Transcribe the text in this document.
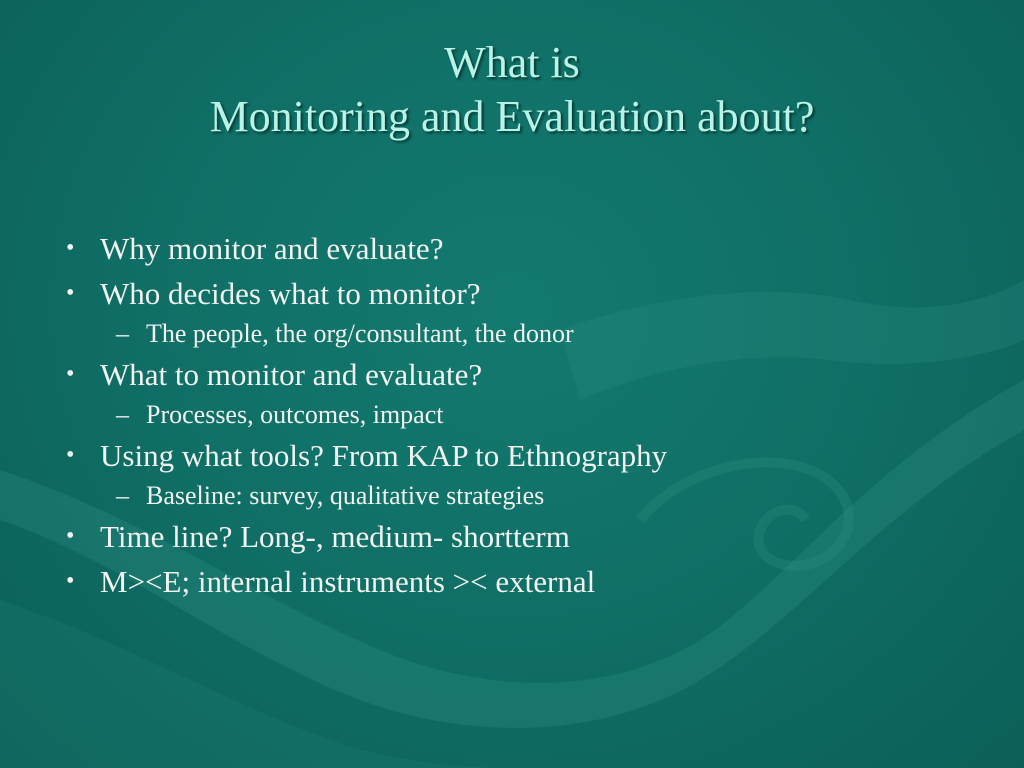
What is
Monitoring and Evaluation about?
• Why monitor and evaluate?
• Who decides what to monitor?
– The people, the org/consultant, the donor
• What to monitor and evaluate?
– Processes, outcomes, impact
• Using what tools? From KAP to Ethnography
– Baseline: survey, qualitative strategies
• Time line? Long-, medium- shortterm
• M><E; internal instruments >< external
